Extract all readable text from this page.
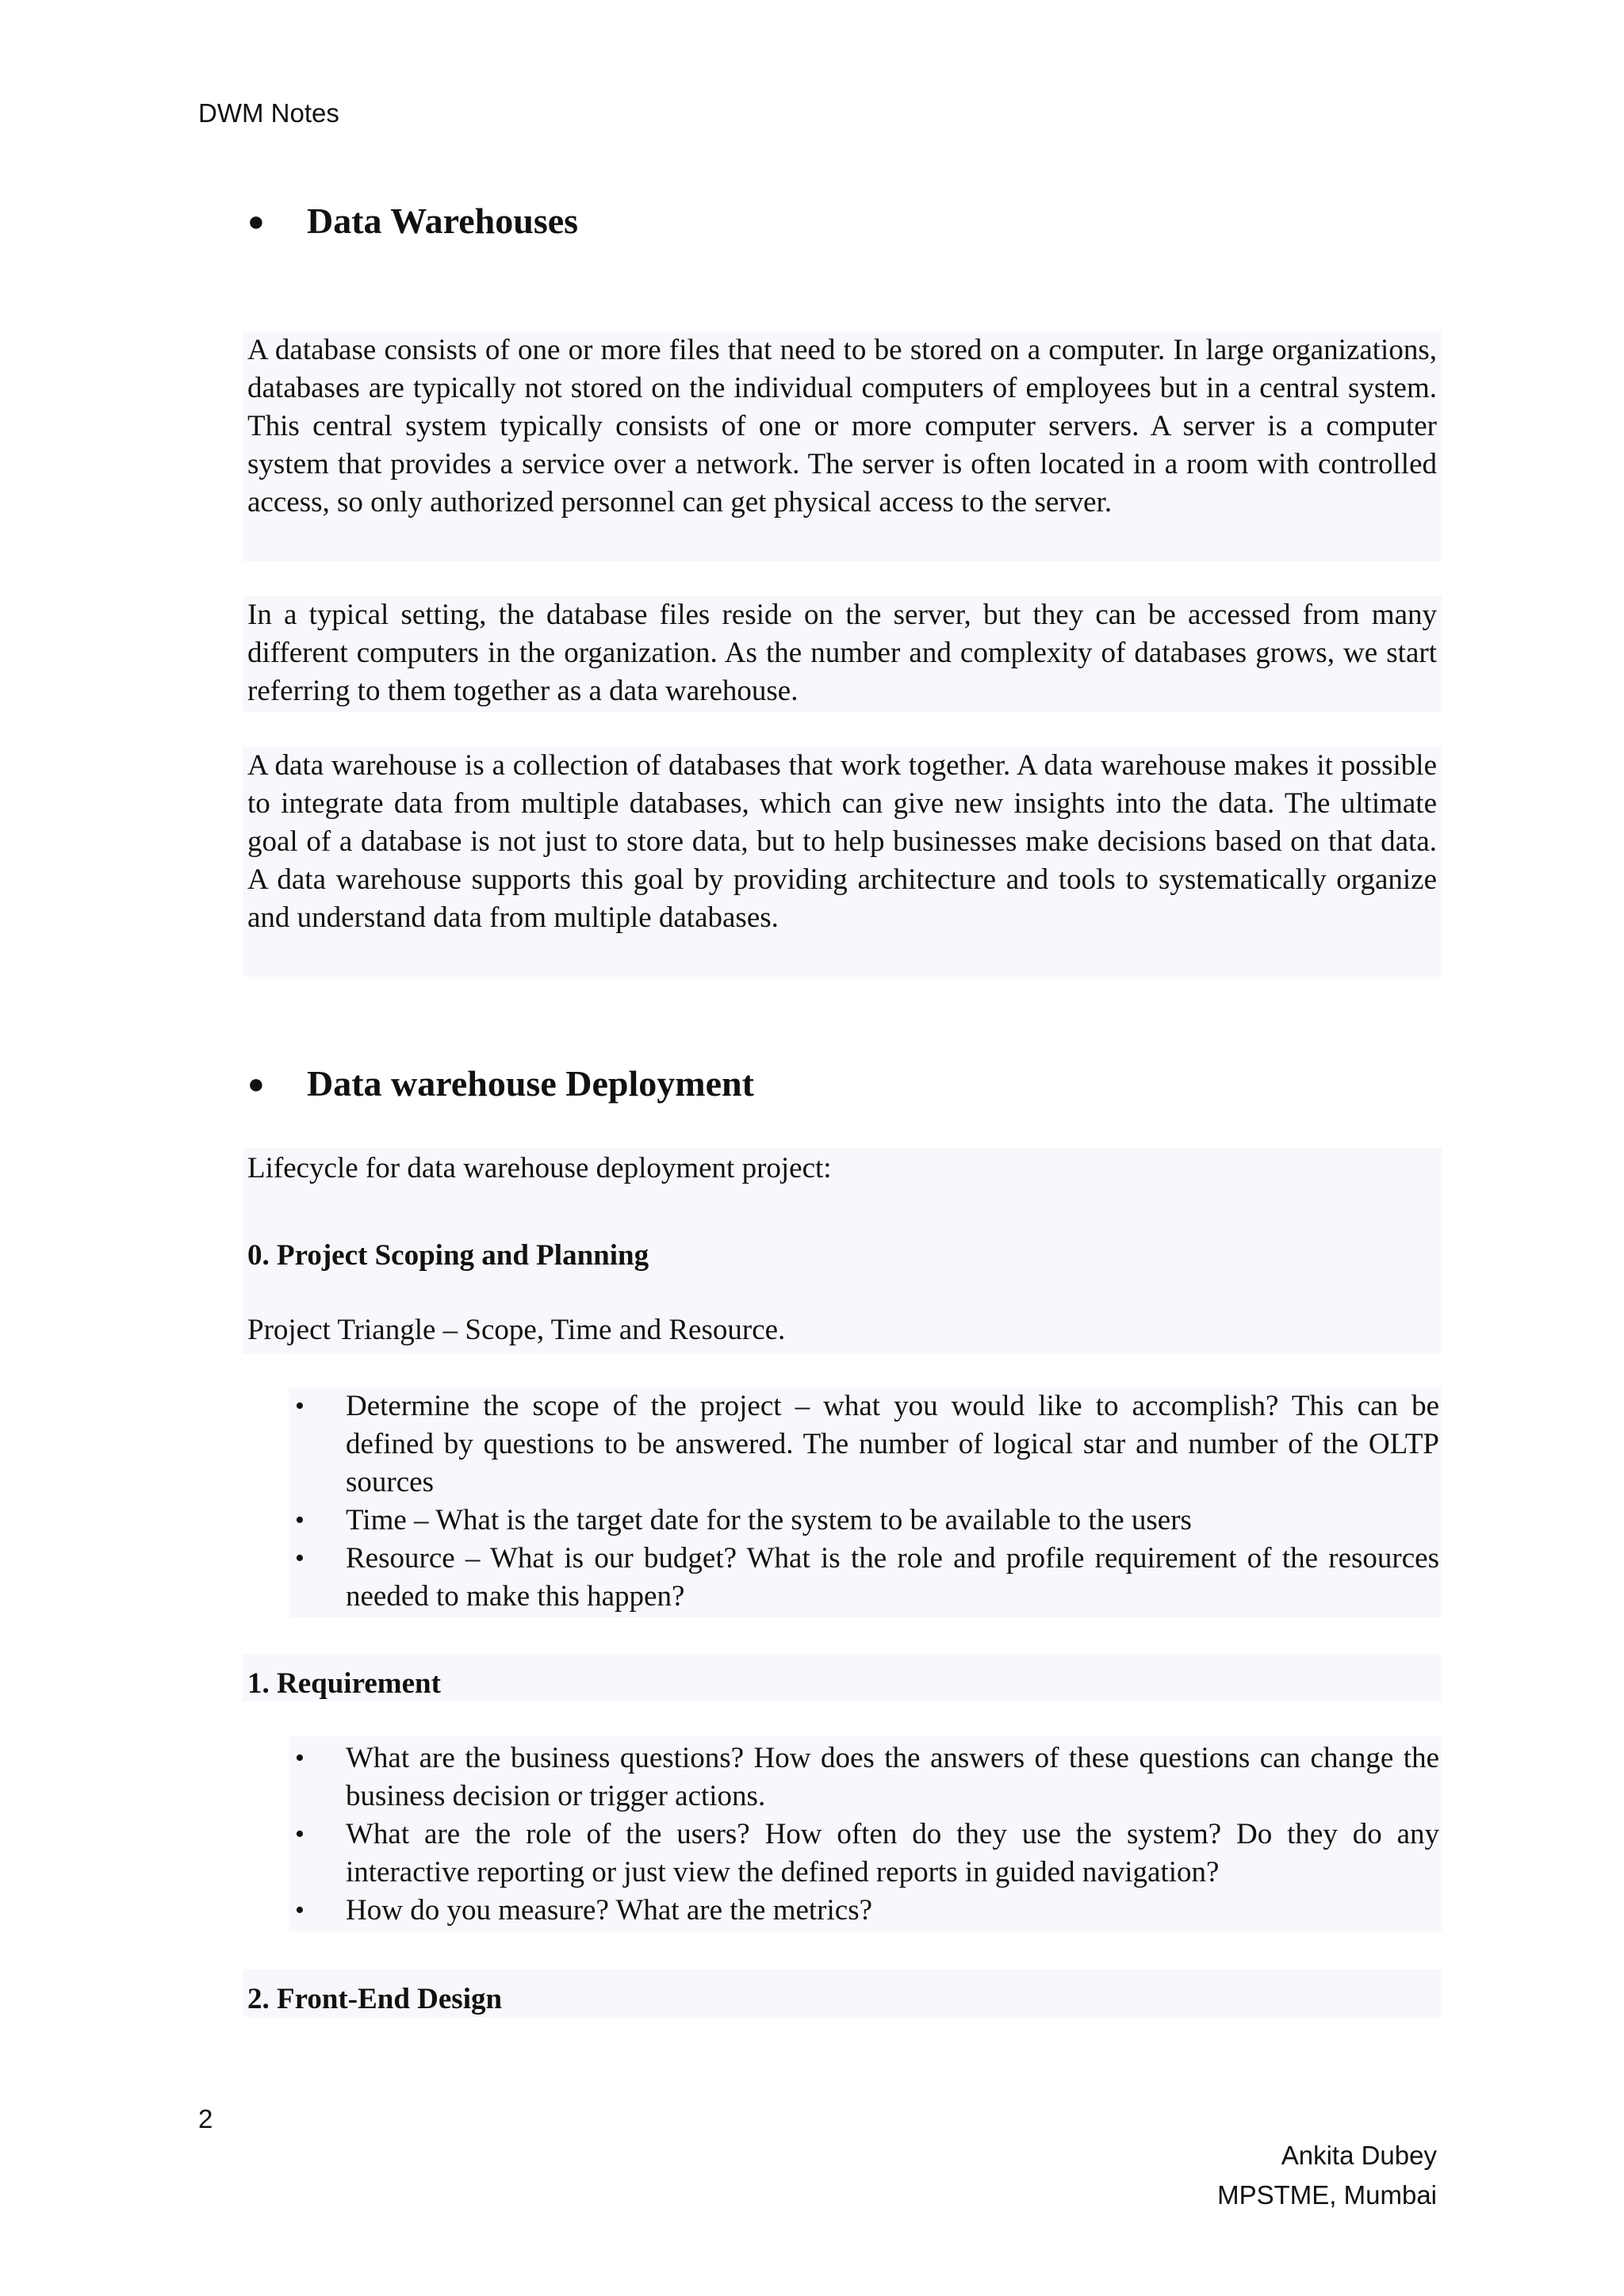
DWM Notes
●	Data Warehouses

A database consists of one or more files that need to be stored on a computer. In large organizations, databases are typically not stored on the individual computers of employees but in a central system. This central system typically consists of one or more computer servers. A server is a computer system that provides a service over a network. The server is often located in a room with controlled access, so only authorized personnel can get physical access to the server.

In a typical setting, the database files reside on the server, but they can be accessed from many different computers in the organization. As the number and complexity of databases grows, we start referring to them together as a data warehouse.

A data warehouse is a collection of databases that work together. A data warehouse makes it possible to integrate data from multiple databases, which can give new insights into the data. The ultimate goal of a database is not just to store data, but to help businesses make decisions based on that data. A data warehouse supports this goal by providing architecture and tools to systematically organize and understand data from multiple databases.

●	Data warehouse Deployment

Lifecycle for data warehouse deployment project:

0. Project Scoping and Planning

Project Triangle – Scope, Time and Resource.

• Determine the scope of the project – what you would like to accomplish? This can be defined by questions to be answered. The number of logical star and number of the OLTP sources
• Time – What is the target date for the system to be available to the users
• Resource – What is our budget? What is the role and profile requirement of the resources needed to make this happen?

1. Requirement

• What are the business questions? How does the answers of these questions can change the business decision or trigger actions.
• What are the role of the users? How often do they use the system? Do they do any interactive reporting or just view the defined reports in guided navigation?
• How do you measure? What are the metrics?

2. Front-End Design

2
Ankita Dubey
MPSTME, Mumbai
